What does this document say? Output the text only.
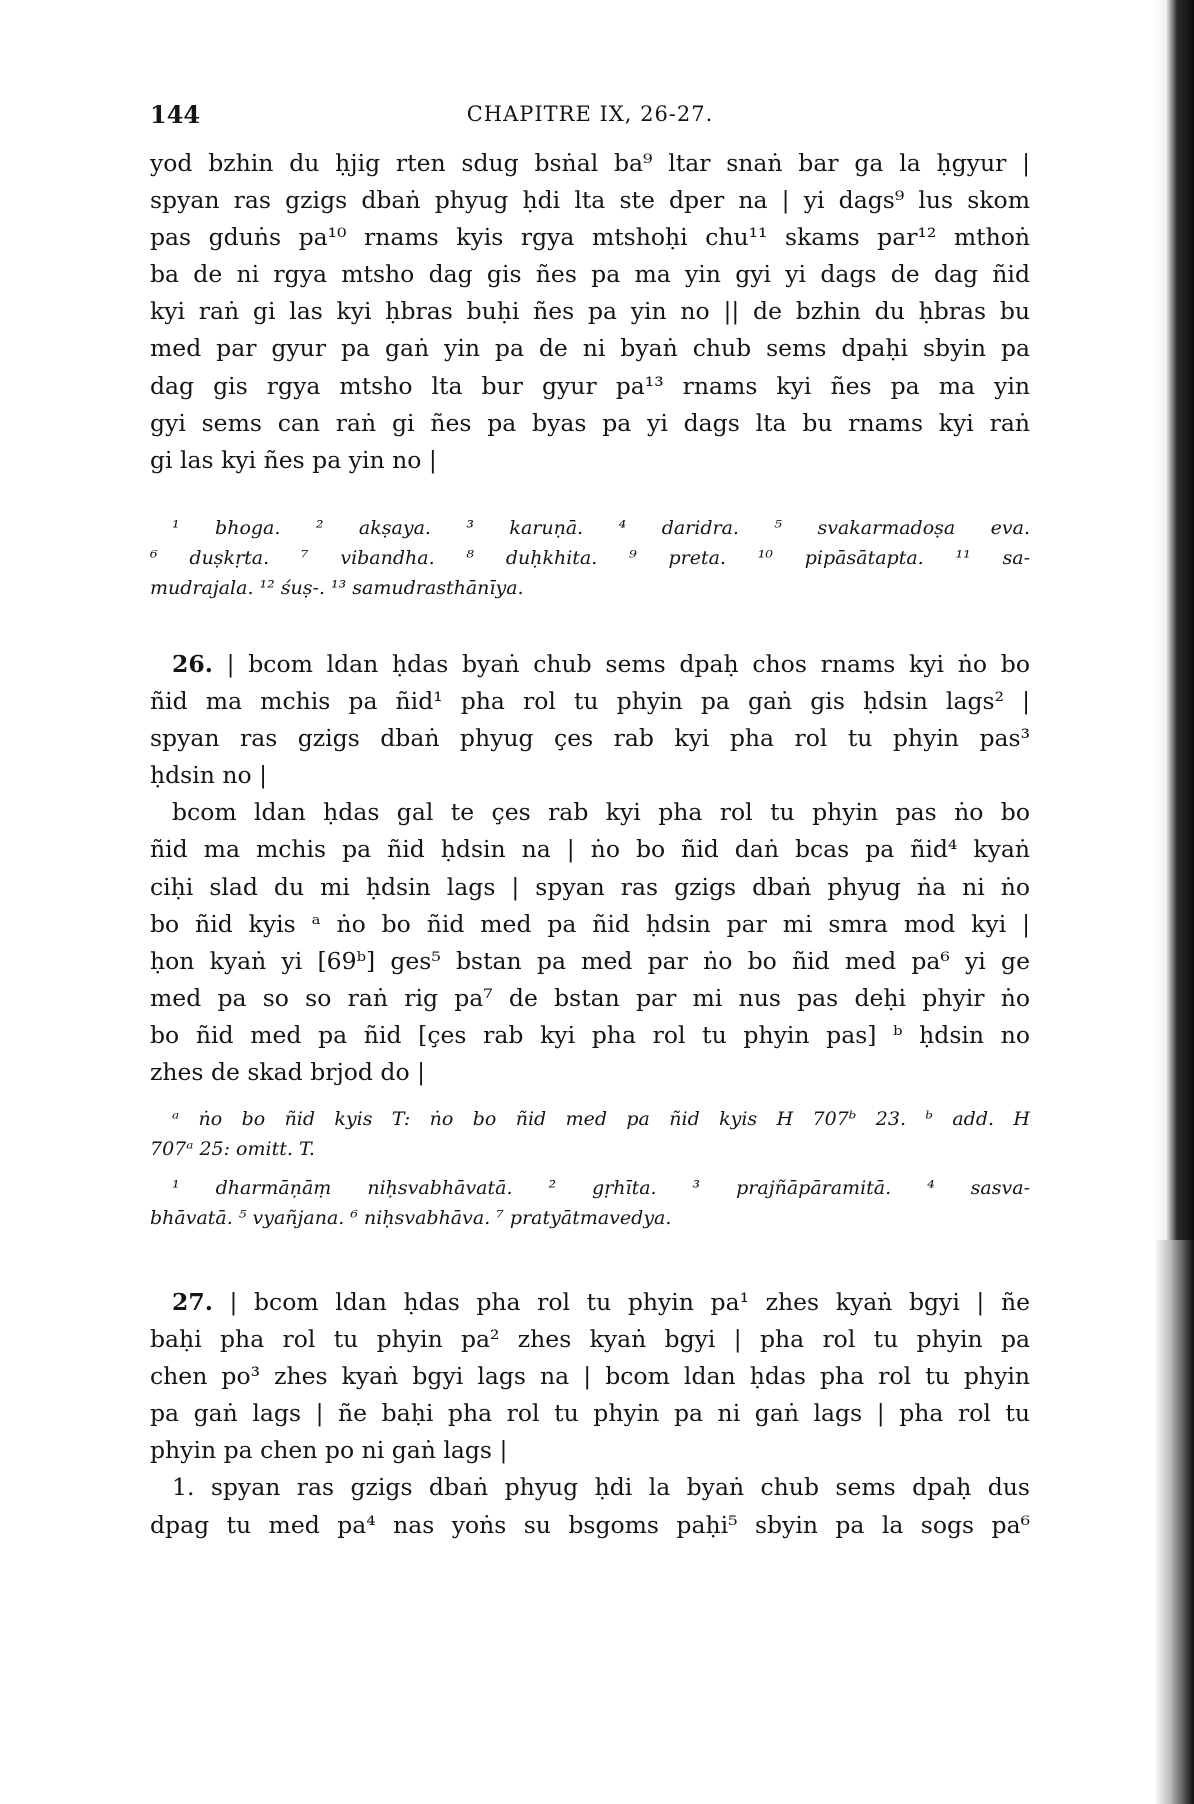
144	CHAPITRE IX, 26-27.
yod bzhin du ḥjig rten sdug bsṅal ba⁹ ltar snaṅ bar ga la ḥgyur |
spyan ras gzigs dbaṅ phyug ḥdi lta ste dper na | yi dags⁹ lus skom
pas gduṅs pa¹⁰ rnams kyis rgya mtshoḥi chu¹¹ skams par¹² mthoṅ
ba de ni rgya mtsho dag gis ñes pa ma yin gyi yi dags de dag ñid
kyi raṅ gi las kyi ḥbras buḥi ñes pa yin no || de bzhin du ḥbras bu
med par gyur pa gaṅ yin pa de ni byaṅ chub sems dpaḥi sbyin pa
dag gis rgya mtsho lta bur gyur pa¹³ rnams kyi ñes pa ma yin
gyi sems can raṅ gi ñes pa byas pa yi dags lta bu rnams kyi raṅ
gi las kyi ñes pa yin no |
¹ bhoga. ² akṣaya. ³ karuṇā. ⁴ daridra. ⁵ svakarmadoṣa eva.
⁶ duṣkṛta. ⁷ vibandha. ⁸ duḥkhita. ⁹ preta. ¹⁰ pipāsātapta. ¹¹ sa-
mudrajala. ¹² śuṣ-. ¹³ samudrasthānīya.
26. | bcom ldan ḥdas byaṅ chub sems dpaḥ chos rnams kyi ṅo bo
ñid ma mchis pa ñid¹ pha rol tu phyin pa gaṅ gis ḥdsin lags² |
spyan ras gzigs dbaṅ phyug çes rab kyi pha rol tu phyin pas³
ḥdsin no |
bcom ldan ḥdas gal te çes rab kyi pha rol tu phyin pas ṅo bo
ñid ma mchis pa ñid ḥdsin na | ṅo bo ñid daṅ bcas pa ñid⁴ kyaṅ
ciḥi slad du mi ḥdsin lags | spyan ras gzigs dbaṅ phyug ṅa ni ṅo
bo ñid kyis ᵃ ṅo bo ñid med pa ñid ḥdsin par mi smra mod kyi |
ḥon kyaṅ yi [69ᵇ] ges⁵ bstan pa med par ṅo bo ñid med pa⁶ yi ge
med pa so so raṅ rig pa⁷ de bstan par mi nus pas deḥi phyir ṅo
bo ñid med pa ñid [çes rab kyi pha rol tu phyin pas] ᵇ ḥdsin no
zhes de skad brjod do |
ᵃ ṅo bo ñid kyis T: ṅo bo ñid med pa ñid kyis H 707ᵇ 23. ᵇ add. H
707ᵃ 25: omitt. T.
¹ dharmāṇāṃ niḥsvabhāvatā. ² gṛhīta. ³ prajñāpāramitā. ⁴ sasva-
bhāvatā. ⁵ vyañjana. ⁶ niḥsvabhāva. ⁷ pratyātmavedya.
27. | bcom ldan ḥdas pha rol tu phyin pa¹ zhes kyaṅ bgyi | ñe
baḥi pha rol tu phyin pa² zhes kyaṅ bgyi | pha rol tu phyin pa
chen po³ zhes kyaṅ bgyi lags na | bcom ldan ḥdas pha rol tu phyin
pa gaṅ lags | ñe baḥi pha rol tu phyin pa ni gaṅ lags | pha rol tu
phyin pa chen po ni gaṅ lags |
1. spyan ras gzigs dbaṅ phyug ḥdi la byaṅ chub sems dpaḥ dus
dpag tu med pa⁴ nas yoṅs su bsgoms paḥi⁵ sbyin pa la sogs pa⁶
